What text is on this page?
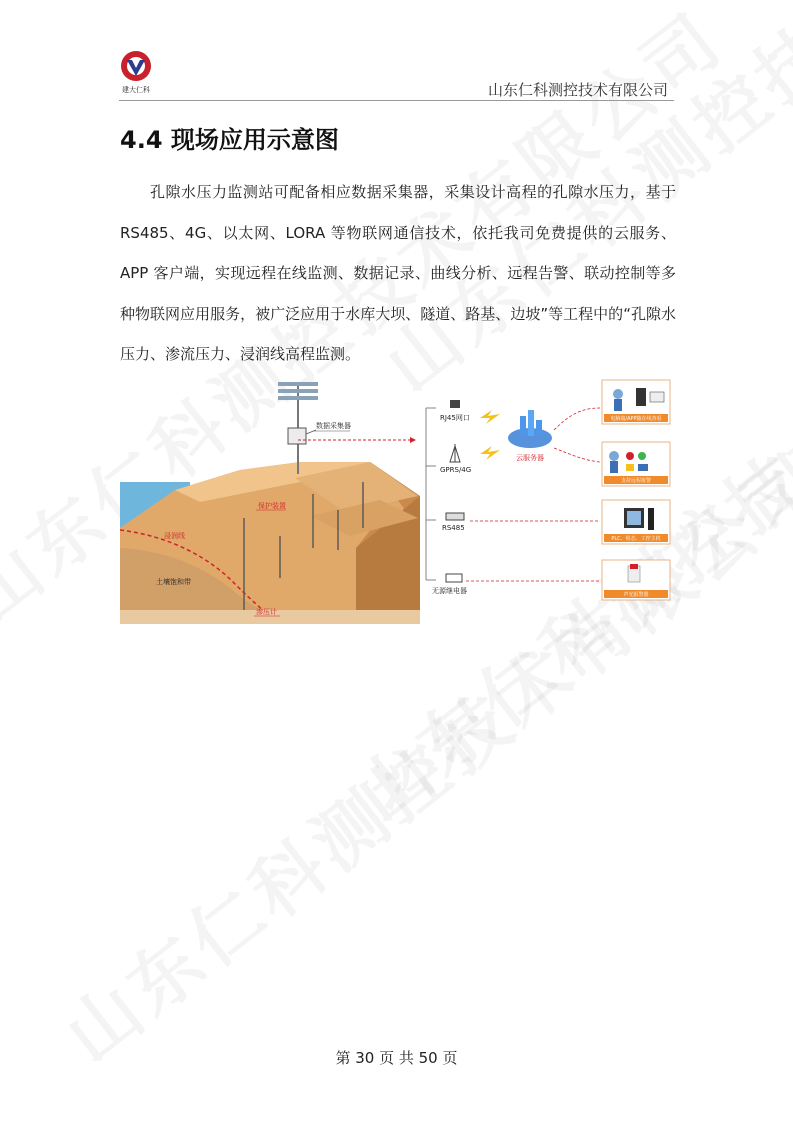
建大仁科	山东仁科测控技术有限公司
4.4 现场应用示意图

孔隙水压力监测站可配备相应数据采集器，采集设计高程的孔隙水压力，基于 RS485、4G、以太网、LORA 等物联网通信技术，依托我司免费提供的云服务、APP 客户端，实现远程在线监测、数据记录、曲线分析、远程告警、联动控制等多种物联网应用服务，被广泛应用于水库大坝、隧道、路基、边坡”等工程中的“孔隙水压力、渗流压力、浸润线高程监测。

数据采集器
保护装置
浸润线
土壤饱和带
渗压计
RJ45网口
GPRS/4G
RS485
无源继电器
云服务器
电脑端/APP随在线查看
支持远程报警
PLC、组态、工控主机
声光报警器
第 30 页 共 50 页
